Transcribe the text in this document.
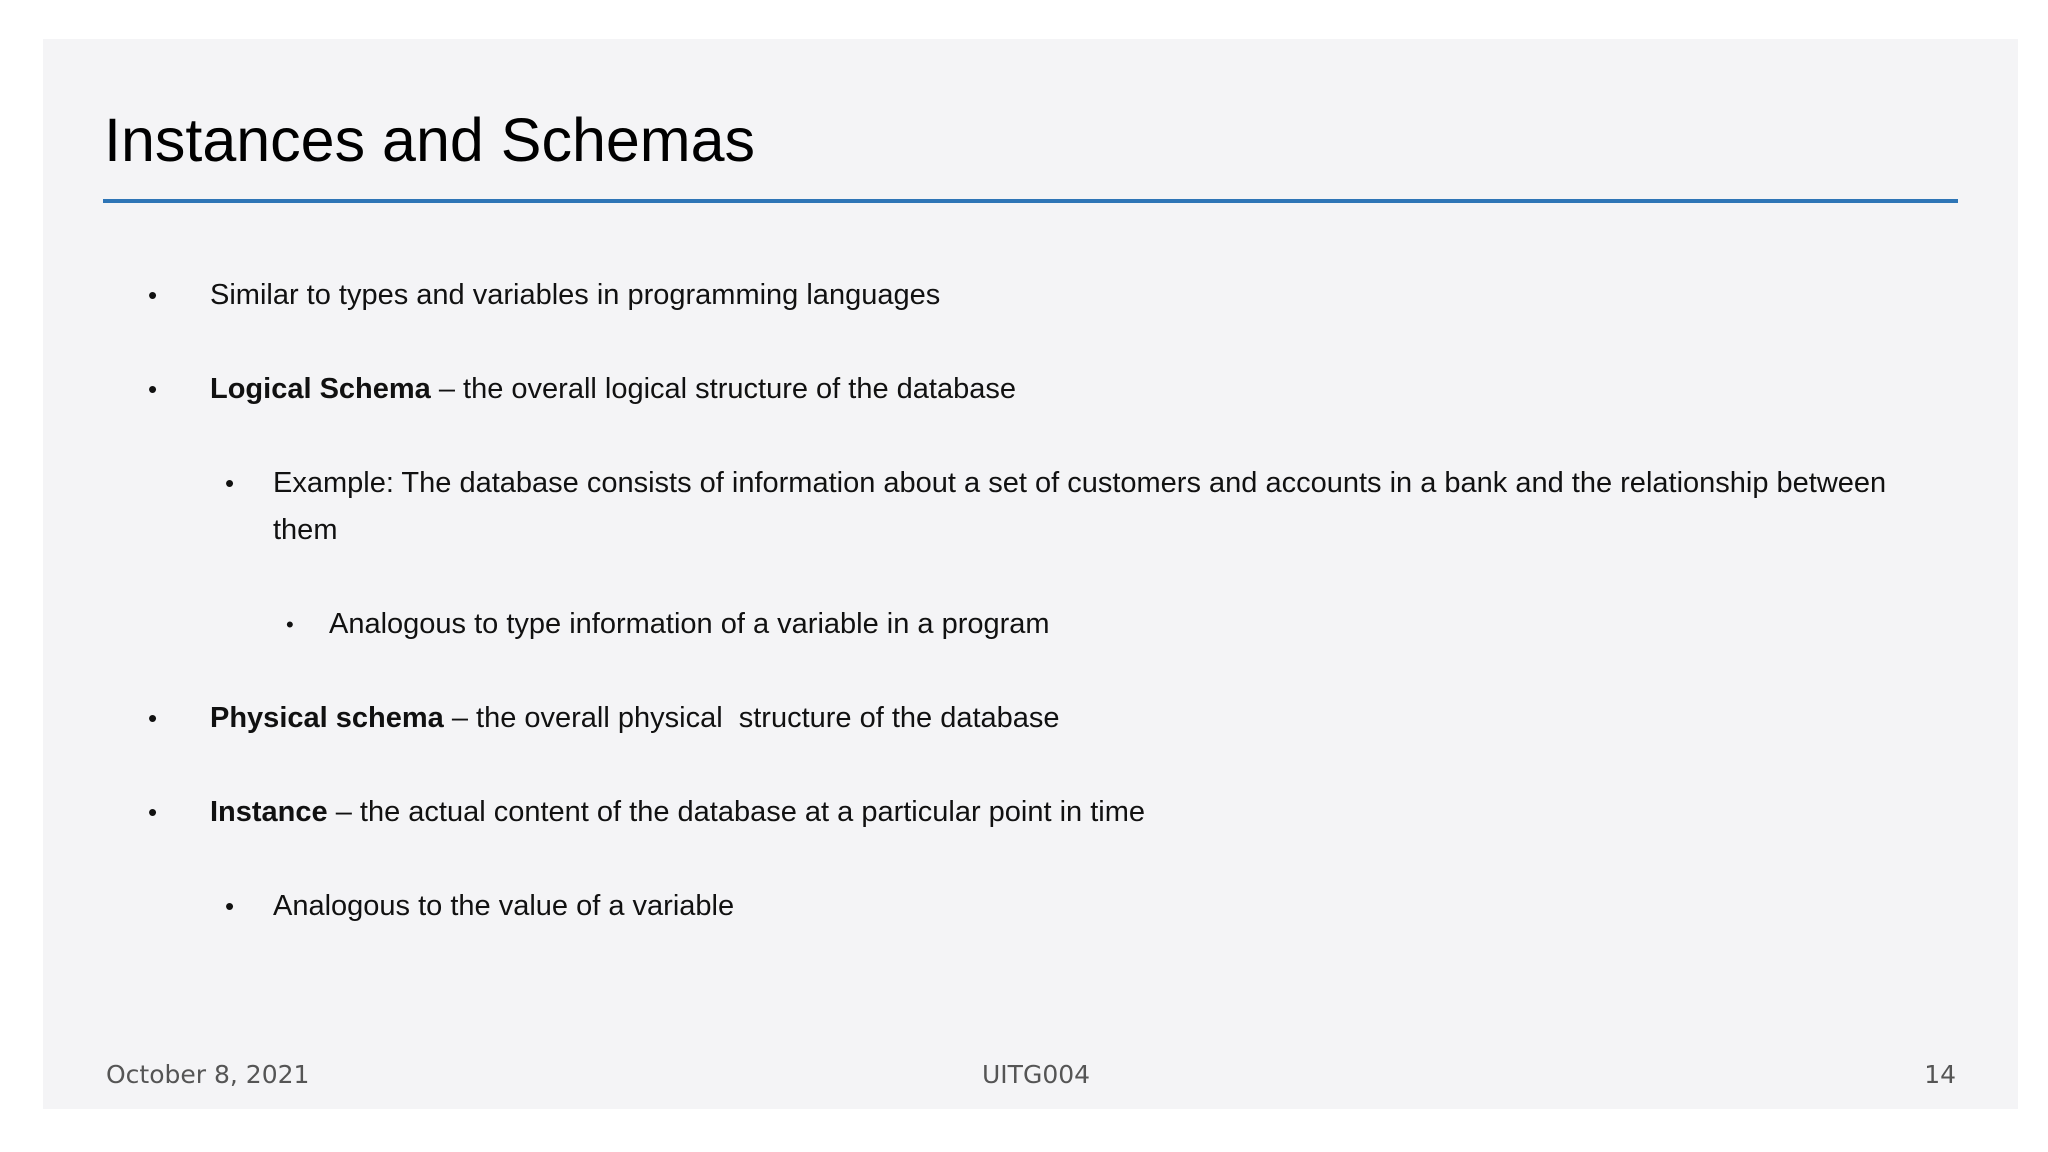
Instances and Schemas
•	Similar to types and variables in programming languages
•	Logical Schema – the overall logical structure of the database
•	Example: The database consists of information about a set of customers and accounts in a bank and the relationship between them
•	Analogous to type information of a variable in a program
•	Physical schema – the overall physical  structure of the database
•	Instance – the actual content of the database at a particular point in time
•	Analogous to the value of a variable
October 8, 2021	UITG004	14
